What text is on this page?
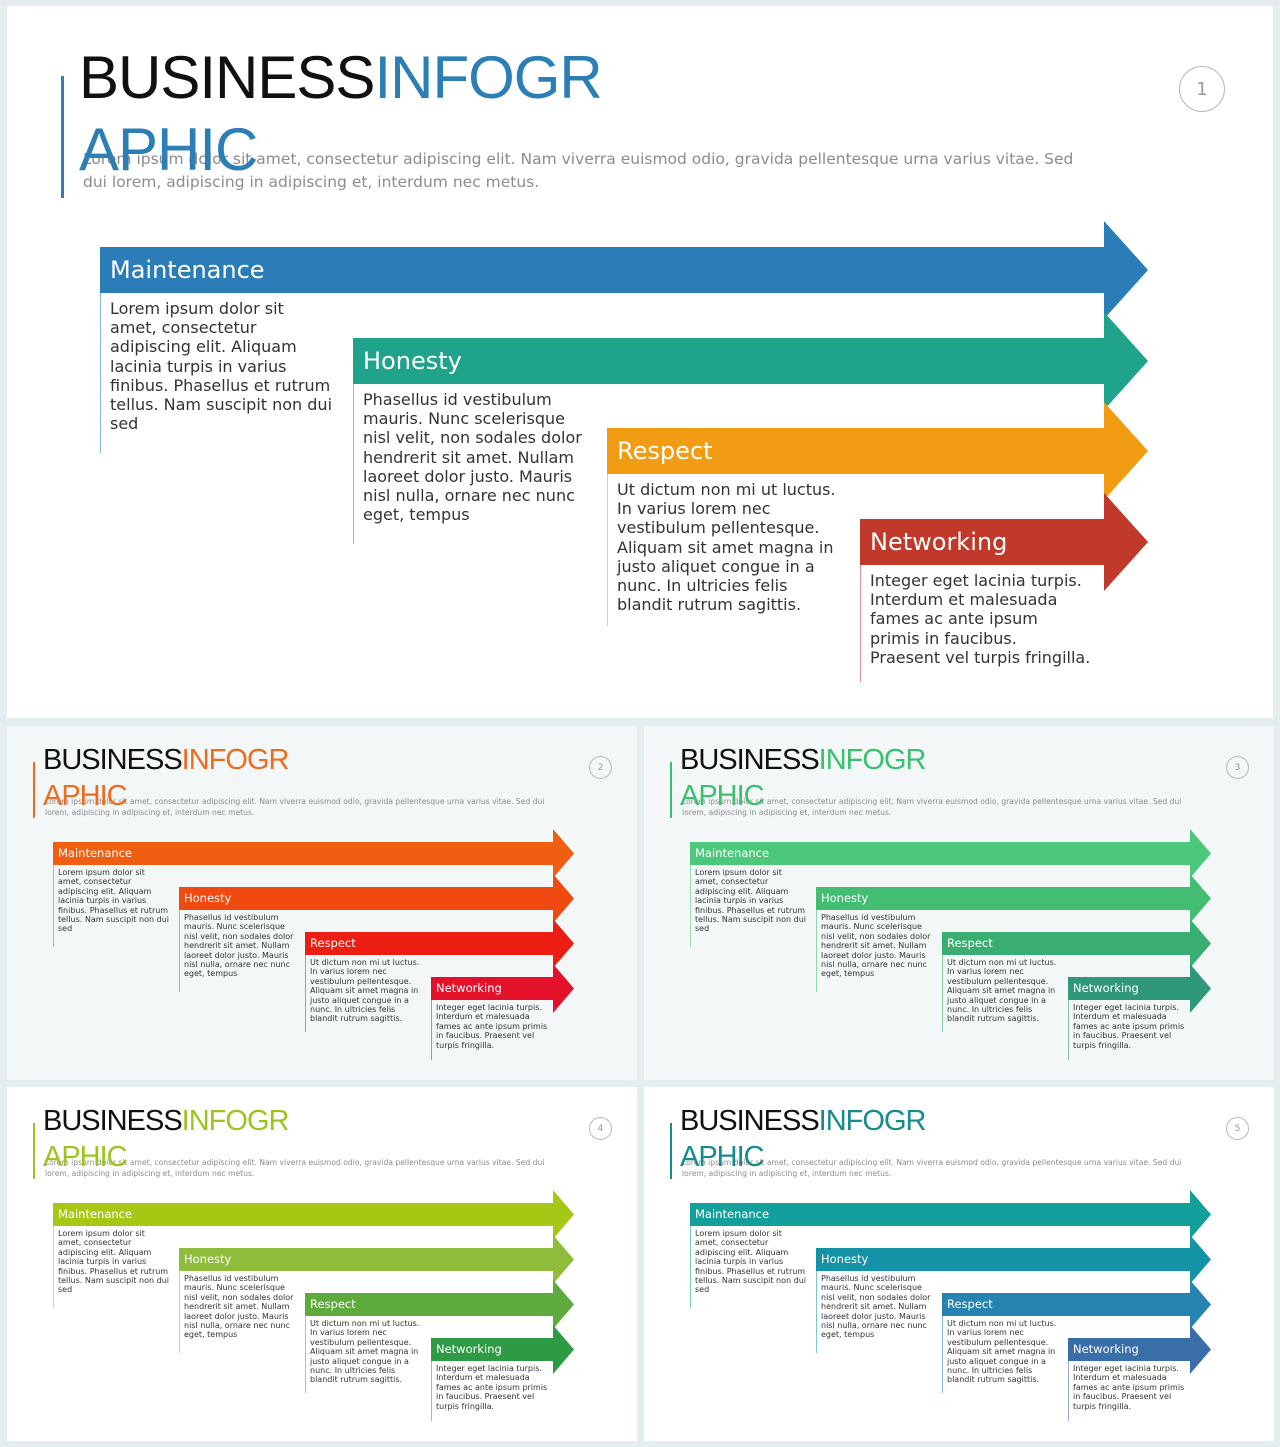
BUSINESSINFOGR
Lorem ipsum dolor sit amet, consectetur adipiscing elit. Nam viverra euismod odio, gravida pellentesque urna varius vitae. Sed dui lorem, adipiscing in adipiscing et, interdum nec metus.
APHIC
1
Maintenance
Lorem ipsum dolor sit amet, consectetur adipiscing elit. Aliquam lacinia turpis in varius finibus. Phasellus et rutrum tellus. Nam suscipit non dui sed
Honesty
Phasellus id vestibulum mauris. Nunc scelerisque nisl velit, non sodales dolor hendrerit sit amet. Nullam laoreet dolor justo. Mauris nisl nulla, ornare nec nunc eget, tempus
Respect
Ut dictum non mi ut luctus. In varius lorem nec vestibulum pellentesque. Aliquam sit amet magna in justo aliquet congue in a nunc. In ultricies felis blandit rutrum sagittis.
Networking
Integer eget lacinia turpis. Interdum et malesuada fames ac ante ipsum primis in faucibus. Praesent vel turpis fringilla.
BUSINESSINFOGR
Lorem ipsum dolor sit amet, consectetur adipiscing elit. Nam viverra euismod odio, gravida pellentesque urna varius vitae. Sed dui lorem, adipiscing in adipiscing et, interdum nec metus.
APHIC
2
Maintenance
Lorem ipsum dolor sit amet, consectetur adipiscing elit. Aliquam lacinia turpis in varius finibus. Phasellus et rutrum tellus. Nam suscipit non dui sed
Honesty
Phasellus id vestibulum mauris. Nunc scelerisque nisl velit, non sodales dolor hendrerit sit amet. Nullam laoreet dolor justo. Mauris nisl nulla, ornare nec nunc eget, tempus
Respect
Ut dictum non mi ut luctus. In varius lorem nec vestibulum pellentesque. Aliquam sit amet magna in justo aliquet congue in a nunc. In ultricies felis blandit rutrum sagittis.
Networking
Integer eget lacinia turpis. Interdum et malesuada fames ac ante ipsum primis in faucibus. Praesent vel turpis fringilla.
BUSINESSINFOGR
Lorem ipsum dolor sit amet, consectetur adipiscing elit. Nam viverra euismod odio, gravida pellentesque urna varius vitae. Sed dui lorem, adipiscing in adipiscing et, interdum nec metus.
APHIC
3
Maintenance
Lorem ipsum dolor sit amet, consectetur adipiscing elit. Aliquam lacinia turpis in varius finibus. Phasellus et rutrum tellus. Nam suscipit non dui sed
Honesty
Phasellus id vestibulum mauris. Nunc scelerisque nisl velit, non sodales dolor hendrerit sit amet. Nullam laoreet dolor justo. Mauris nisl nulla, ornare nec nunc eget, tempus
Respect
Ut dictum non mi ut luctus. In varius lorem nec vestibulum pellentesque. Aliquam sit amet magna in justo aliquet congue in a nunc. In ultricies felis blandit rutrum sagittis.
Networking
Integer eget lacinia turpis. Interdum et malesuada fames ac ante ipsum primis in faucibus. Praesent vel turpis fringilla.
BUSINESSINFOGR
Lorem ipsum dolor sit amet, consectetur adipiscing elit. Nam viverra euismod odio, gravida pellentesque urna varius vitae. Sed dui lorem, adipiscing in adipiscing et, interdum nec metus.
APHIC
4
Maintenance
Lorem ipsum dolor sit amet, consectetur adipiscing elit. Aliquam lacinia turpis in varius finibus. Phasellus et rutrum tellus. Nam suscipit non dui sed
Honesty
Phasellus id vestibulum mauris. Nunc scelerisque nisl velit, non sodales dolor hendrerit sit amet. Nullam laoreet dolor justo. Mauris nisl nulla, ornare nec nunc eget, tempus
Respect
Ut dictum non mi ut luctus. In varius lorem nec vestibulum pellentesque. Aliquam sit amet magna in justo aliquet congue in a nunc. In ultricies felis blandit rutrum sagittis.
Networking
Integer eget lacinia turpis. Interdum et malesuada fames ac ante ipsum primis in faucibus. Praesent vel turpis fringilla.
BUSINESSINFOGR
Lorem ipsum dolor sit amet, consectetur adipiscing elit. Nam viverra euismod odio, gravida pellentesque urna varius vitae. Sed dui lorem, adipiscing in adipiscing et, interdum nec metus.
APHIC
5
Maintenance
Lorem ipsum dolor sit amet, consectetur adipiscing elit. Aliquam lacinia turpis in varius finibus. Phasellus et rutrum tellus. Nam suscipit non dui sed
Honesty
Phasellus id vestibulum mauris. Nunc scelerisque nisl velit, non sodales dolor hendrerit sit amet. Nullam laoreet dolor justo. Mauris nisl nulla, ornare nec nunc eget, tempus
Respect
Ut dictum non mi ut luctus. In varius lorem nec vestibulum pellentesque. Aliquam sit amet magna in justo aliquet congue in a nunc. In ultricies felis blandit rutrum sagittis.
Networking
Integer eget lacinia turpis. Interdum et malesuada fames ac ante ipsum primis in faucibus. Praesent vel turpis fringilla.
